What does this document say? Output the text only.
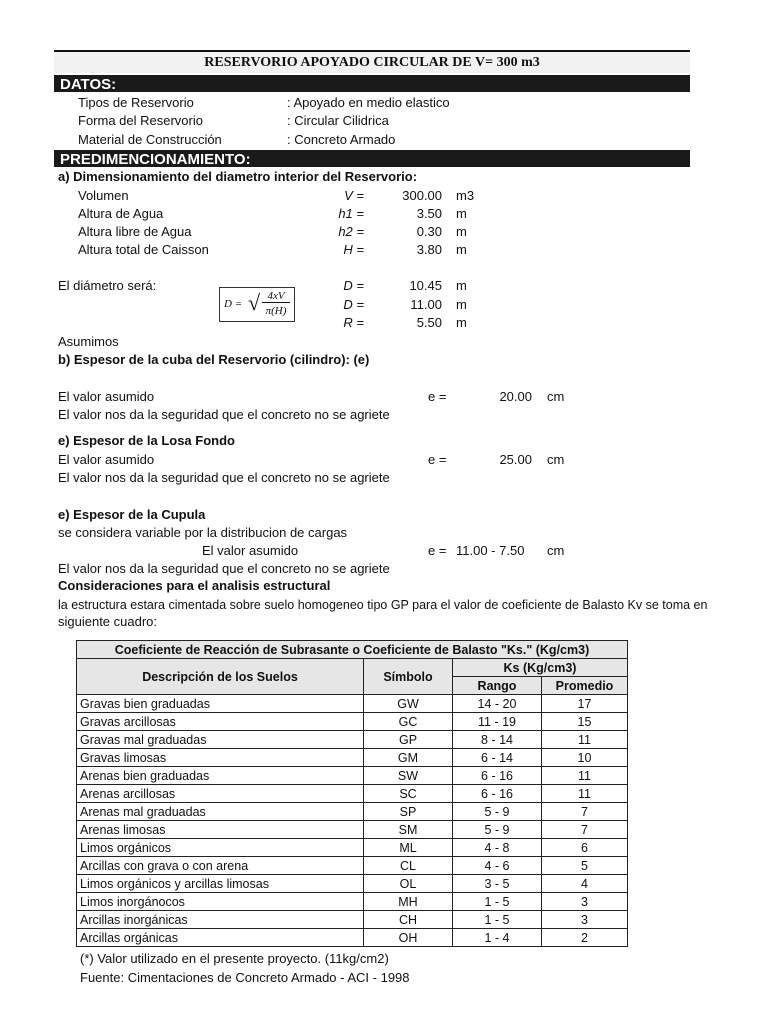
RESERVORIO APOYADO CIRCULAR DE V= 300 m3
DATOS:
Tipos de Reservorio	: Apoyado en medio elastico
Forma del Reservorio	: Circular Cilidrica
Material de Construcción	: Concreto Armado
PREDIMENCIONAMIENTO:
a) Dimensionamiento del diametro interior del Reservorio:
Volumen	V =	300.00 m3
Altura de Agua	h1 =	3.50 m
Altura libre de Agua	h2 =	0.30 m
Altura total de Caisson	H =	3.80 m
El diámetro será:
D = √ 4xV
π(H)
D =	10.45 m
D =	11.00 m
R =	5.50 m
Asumimos
b) Espesor de la cuba del Reservorio (cilindro): (e)
El valor asumido	e =	20.00 cm
El valor nos da la seguridad que el concreto no se agriete
e) Espesor de la Losa Fondo
El valor asumido	e =	25.00 cm
El valor nos da la seguridad que el concreto no se agriete
e) Espesor de la Cupula
se considera variable por la distribucion de cargas
El valor asumido	e = 11.00 - 7.50 cm
El valor nos da la seguridad que el concreto no se agriete
Consideraciones para el analisis estructural
la estructura estara cimentada sobre suelo homogeneo tipo GP para el valor de coeficiente de Balasto Kv se toma en
siguiente cuadro:
Coeficiente de Reacción de Subrasante o Coeficiente de Balasto "Ks." (Kg/cm3)			
Descripción de los Suelos	Símbolo	Ks (Kg/cm3)	
		Rango	Promedio
Gravas bien graduadas	GW	14 - 20	17
Gravas arcillosas	GC	11 - 19	15
Gravas mal graduadas	GP	8 - 14	11
Gravas limosas	GM	6 - 14	10
Arenas bien graduadas	SW	6 - 16	11
Arenas arcillosas	SC	6 - 16	11
Arenas mal graduadas	SP	5 - 9	7
Arenas limosas	SM	5 - 9	7
Limos orgánicos	ML	4 - 8	6
Arcillas con grava o con arena	CL	4 - 6	5
Limos orgánicos y arcillas limosas	OL	3 - 5	4
Limos inorgánocos	MH	1 - 5	3
Arcillas inorgánicas	CH	1 - 5	3
Arcillas orgánicas	OH	1 - 4	2
(*) Valor utilizado en el presente proyecto. (11kg/cm2)
Fuente: Cimentaciones de Concreto Armado - ACI - 1998
